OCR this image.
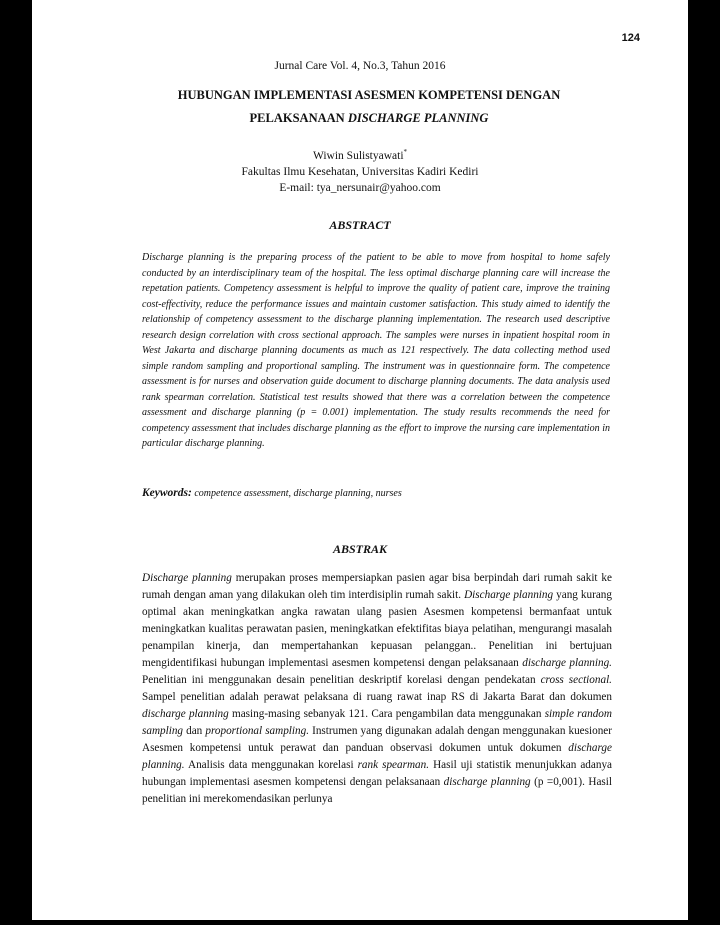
124
Jurnal Care Vol. 4, No.3, Tahun 2016
HUBUNGAN IMPLEMENTASI ASESMEN KOMPETENSI DENGAN
PELAKSANAAN DISCHARGE PLANNING
Wiwin Sulistyawati*
Fakultas Ilmu Kesehatan, Universitas Kadiri Kediri
E-mail: tya_nersunair@yahoo.com
ABSTRACT

Discharge planning is the preparing process of the patient to be able to move from hospital to home safely conducted by an interdisciplinary team of the hospital. The less optimal discharge planning care will increase the repetation patients. Competency assessment is helpful to improve the quality of patient care, improve the training cost-effectivity, reduce the performance issues and maintain customer satisfaction. This study aimed to identify the relationship of competency assessment to the discharge planning implementation. The research used descriptive research design correlation with cross sectional approach. The samples were nurses in inpatient hospital room in West Jakarta and discharge planning documents as much as 121 respectively. The data collecting method used simple random sampling and proportional sampling. The instrument was in questionnaire form. The competence assessment is for nurses and observation guide document to discharge planning documents. The data analysis used rank spearman correlation. Statistical test results showed that there was a correlation between the competence assessment and discharge planning (p = 0.001) implementation. The study results recommends the need for competency assessment that includes discharge planning as the effort to improve the nursing care implementation in particular discharge planning.

Keywords: competence assessment, discharge planning, nurses
ABSTRAK

Discharge planning merupakan proses mempersiapkan pasien agar bisa berpindah dari rumah sakit ke rumah dengan aman yang dilakukan oleh tim interdisiplin rumah sakit. Discharge planning yang kurang optimal akan meningkatkan angka rawatan ulang pasien Asesmen kompetensi bermanfaat untuk meningkatkan kualitas perawatan pasien, meningkatkan efektifitas biaya pelatihan, mengurangi masalah penampilan kinerja, dan mempertahankan kepuasan pelanggan.. Penelitian ini bertujuan mengidentifikasi hubungan implementasi asesmen kompetensi dengan pelaksanaan discharge planning. Penelitian ini menggunakan desain penelitian deskriptif korelasi dengan pendekatan cross sectional. Sampel penelitian adalah perawat pelaksana di ruang rawat inap RS di Jakarta Barat dan dokumen discharge planning masing-masing sebanyak 121. Cara pengambilan data menggunakan simple random sampling dan proportional sampling. Instrumen yang digunakan adalah dengan menggunakan kuesioner Asesmen kompetensi untuk perawat dan panduan observasi dokumen untuk dokumen discharge planning. Analisis data menggunakan korelasi rank spearman. Hasil uji statistik menunjukkan adanya hubungan implementasi asesmen kompetensi dengan pelaksanaan discharge planning (p =0,001). Hasil penelitian ini merekomendasikan perlunya
